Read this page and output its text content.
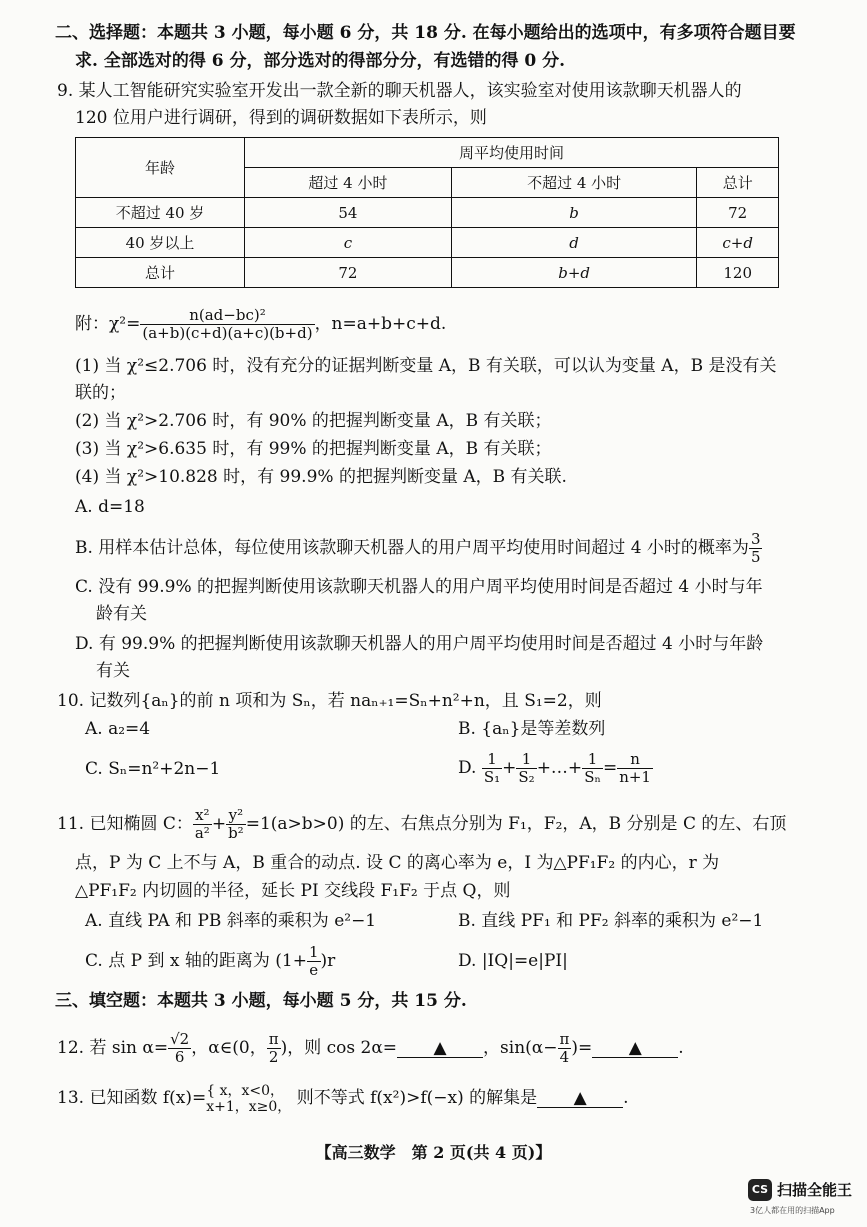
二、选择题：本题共 3 小题，每小题 6 分，共 18 分. 在每小题给出的选项中，有多项符合题目要
求. 全部选对的得 6 分，部分选对的得部分分，有选错的得 0 分.
9. 某人工智能研究实验室开发出一款全新的聊天机器人，该实验室对使用该款聊天机器人的
120 位用户进行调研，得到的调研数据如下表所示，则
年龄	周平均使用时间		
	超过 4 小时	不超过 4 小时	总计
不超过 40 岁	54	b	72
40 岁以上	c	d	c+d
总计	72	b+d	120
附：$\chi^2= \frac{\text{n(ad−bc)²}}{(a+b)(c+d)(a+c)(b+d)}$ ，n=a+b+c+d.
(1) 当 χ²≤2.706 时，没有充分的证据判断变量 A，B 有关联，可以认为变量 A，B 是没有关
联的；
(2) 当 χ²>2.706 时，有 90% 的把握判断变量 A，B 有关联；
(3) 当 χ²>6.635 时，有 99% 的把握判断变量 A，B 有关联；
(4) 当 χ²>10.828 时，有 99.9% 的把握判断变量 A，B 有关联.
A. d=18
B. 用样本估计总体，每位使用该款聊天机器人的用户周平均使用时间超过 4 小时的概率为 $\frac{3}{5}$
C. 没有 99.9% 的把握判断使用该款聊天机器人的用户周平均使用时间是否超过 4 小时与年
龄有关
D. 有 99.9% 的把握判断使用该款聊天机器人的用户周平均使用时间是否超过 4 小时与年龄
有关
10. 记数列{aₙ}的前 n 项和为 Sₙ，若 naₙ₊₁=Sₙ+n²+n，且 S₁=2，则
A. a₂=4	B. {aₙ}是等差数列
C. Sₙ=n²+2n−1	D. $\frac{1}{\text{S₁}} + \frac{1}{\text{S₂}}$ +…+ $\frac{1}{\text{Sₙ}} = \frac{n}{n+1}$
11. 已知椭圆 C： $\frac{\text{x²}}{\text{a²}} + \frac{\text{y²}}{\text{b²}} =1(a>b>0)$ 的左、右焦点分别为 F₁，F₂，A，B 分别是 C 的左、右顶
点，P 为 C 上不与 A，B 重合的动点. 设 C 的离心率为 e，I 为△PF₁F₂ 的内心，r 为
△PF₁F₂ 内切圆的半径，延长 PI 交线段 F₁F₂ 于点 Q，则
A. 直线 PA 和 PB 斜率的乘积为 e²−1	B. 直线 PF₁ 和 PF₂ 斜率的乘积为 e²−1
C. 点 P 到 x 轴的距离为 $(1+ \frac{1}{e} )r$	D. |IQ|=e|PI|
三、填空题：本题共 3 小题，每小题 5 分，共 15 分.
12. 若 $\sin \alpha= \frac{√2}{6}$ ，α∈(0， $\frac{\pi}{2}$ )，则 cos 2α= ▲ ，$\sin(\alpha- \frac{\pi}{4}$ )= ▲ .
13. 已知函数 f(x)= { x，x<0，
x+1，x≥0， 则不等式 f(x²)>f(−x) 的解集是 ▲ .
【高三数学　第 2 页(共 4 页)】
CS 扫描全能王
3亿人都在用的扫描App
